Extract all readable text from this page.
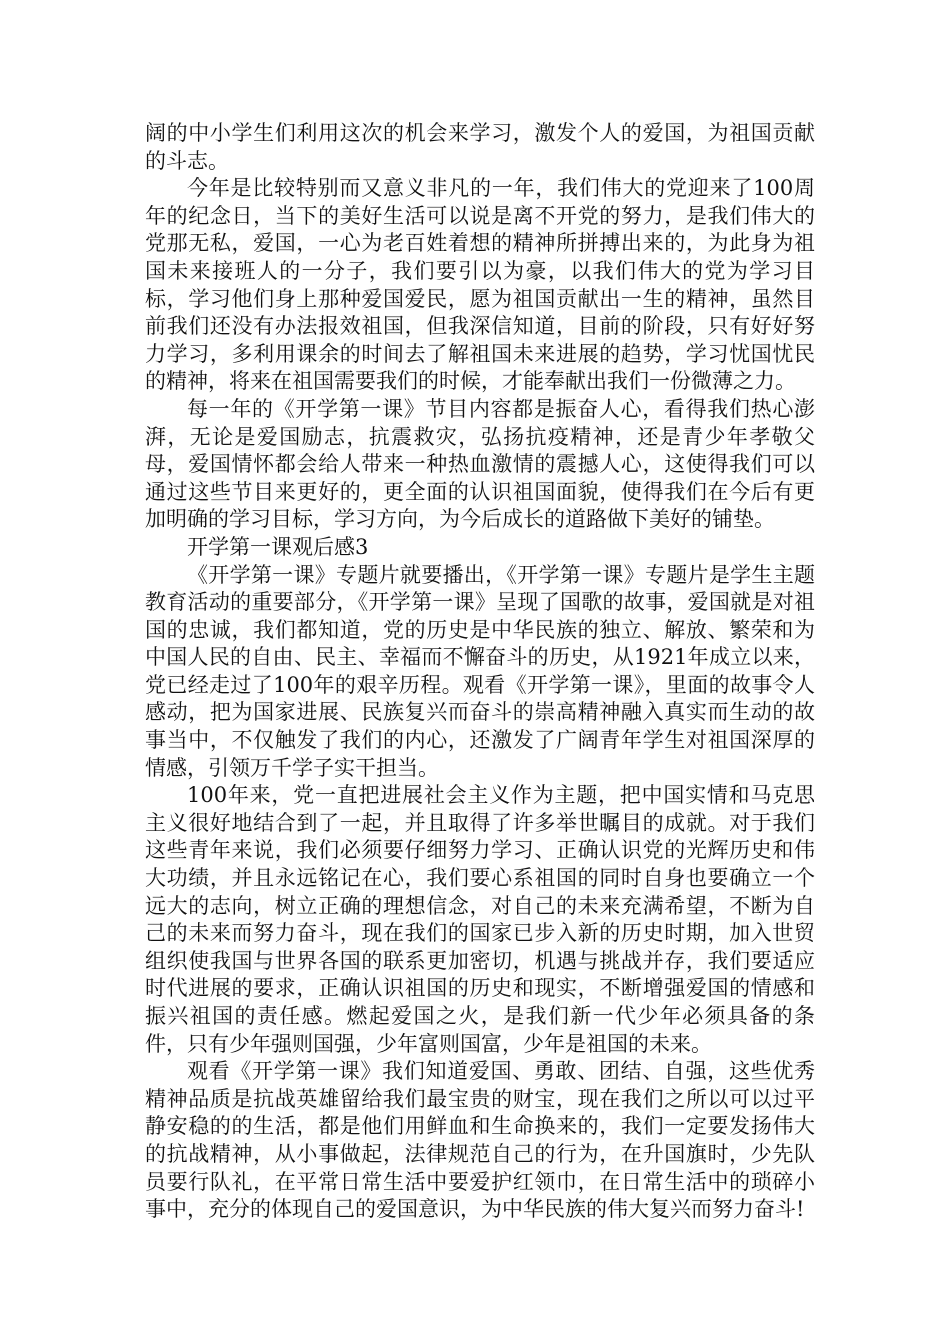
阔的中小学生们利用这次的机会来学习，激发个人的爱国，为祖国贡献的斗志。

今年是比较特别而又意义非凡的一年，我们伟大的党迎来了100周年的纪念日，当下的美好生活可以说是离不开党的努力，是我们伟大的党那无私，爱国，一心为老百姓着想的精神所拼搏出来的，为此身为祖国未来接班人的一分子，我们要引以为豪，以我们伟大的党为学习目标，学习他们身上那种爱国爱民，愿为祖国贡献出一生的精神，虽然目前我们还没有办法报效祖国，但我深信知道，目前的阶段，只有好好努力学习，多利用课余的时间去了解祖国未来进展的趋势，学习忧国忧民的精神，将来在祖国需要我们的时候，才能奉献出我们一份微薄之力。

每一年的《开学第一课》节目内容都是振奋人心，看得我们热心澎湃，无论是爱国励志，抗震救灾，弘扬抗疫精神，还是青少年孝敬父母，爱国情怀都会给人带来一种热血激情的震撼人心，这使得我们可以通过这些节目来更好的，更全面的认识祖国面貌，使得我们在今后有更加明确的学习目标，学习方向，为今后成长的道路做下美好的铺垫。

开学第一课观后感3

《开学第一课》专题片就要播出，《开学第一课》专题片是学生主题教育活动的重要部分，《开学第一课》呈现了国歌的故事，爱国就是对祖国的忠诚，我们都知道，党的历史是中华民族的独立、解放、繁荣和为中国人民的自由、民主、幸福而不懈奋斗的历史，从1921年成立以来，党已经走过了100年的艰辛历程。观看《开学第一课》，里面的故事令人感动，把为国家进展、民族复兴而奋斗的崇高精神融入真实而生动的故事当中，不仅触发了我们的内心，还激发了广阔青年学生对祖国深厚的情感，引领万千学子实干担当。

100年来，党一直把进展社会主义作为主题，把中国实情和马克思主义很好地结合到了一起，并且取得了许多举世瞩目的成就。对于我们这些青年来说，我们必须要仔细努力学习、正确认识党的光辉历史和伟大功绩，并且永远铭记在心，我们要心系祖国的同时自身也要确立一个远大的志向，树立正确的理想信念，对自己的未来充满希望，不断为自己的未来而努力奋斗，现在我们的国家已步入新的历史时期，加入世贸组织使我国与世界各国的联系更加密切，机遇与挑战并存，我们要适应时代进展的要求，正确认识祖国的历史和现实，不断增强爱国的情感和振兴祖国的责任感。燃起爱国之火，是我们新一代少年必须具备的条件，只有少年强则国强，少年富则国富，少年是祖国的未来。

观看《开学第一课》我们知道爱国、勇敢、团结、自强，这些优秀精神品质是抗战英雄留给我们最宝贵的财宝，现在我们之所以可以过平静安稳的的生活，都是他们用鲜血和生命换来的，我们一定要发扬伟大的抗战精神，从小事做起，法律规范自己的行为，在升国旗时，少先队员要行队礼，在平常日常生活中要爱护红领巾，在日常生活中的琐碎小事中，充分的体现自己的爱国意识，为中华民族的伟大复兴而努力奋斗!
